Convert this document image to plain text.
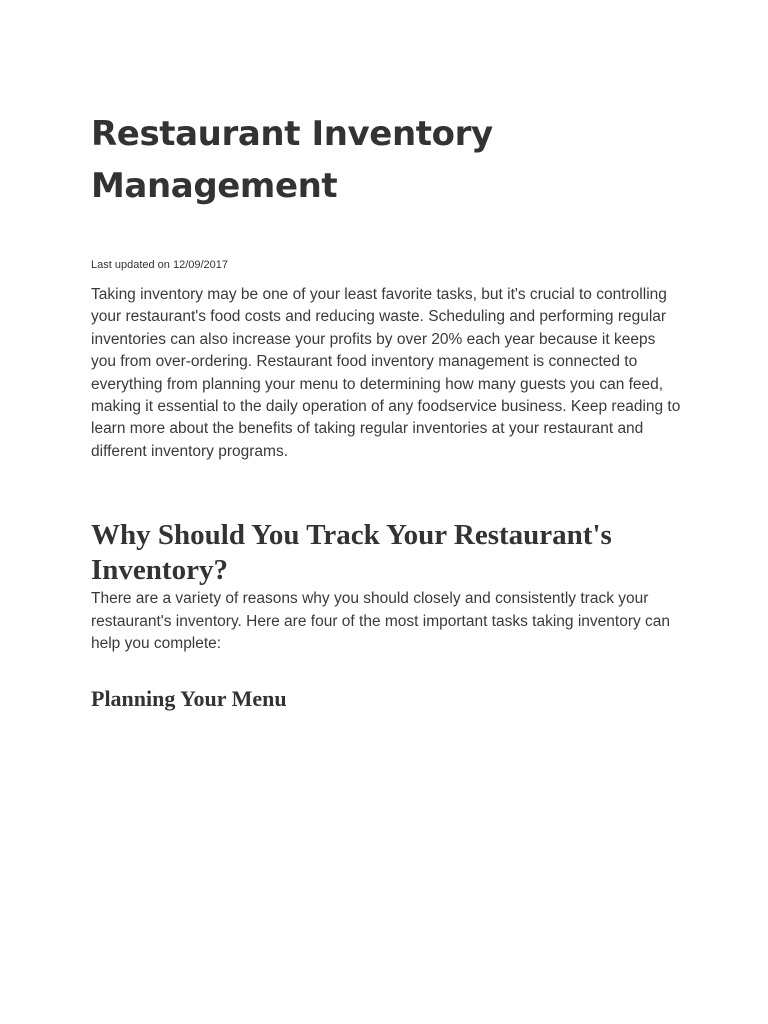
Restaurant Inventory Management

Last updated on 12/09/2017

Taking inventory may be one of your least favorite tasks, but it's crucial to controlling your restaurant's food costs and reducing waste. Scheduling and performing regular inventories can also increase your profits by over 20% each year because it keeps you from over-ordering. Restaurant food inventory management is connected to everything from planning your menu to determining how many guests you can feed, making it essential to the daily operation of any foodservice business. Keep reading to learn more about the benefits of taking regular inventories at your restaurant and different inventory programs.

Why Should You Track Your Restaurant's Inventory?

There are a variety of reasons why you should closely and consistently track your restaurant's inventory. Here are four of the most important tasks taking inventory can help you complete:

Planning Your Menu
